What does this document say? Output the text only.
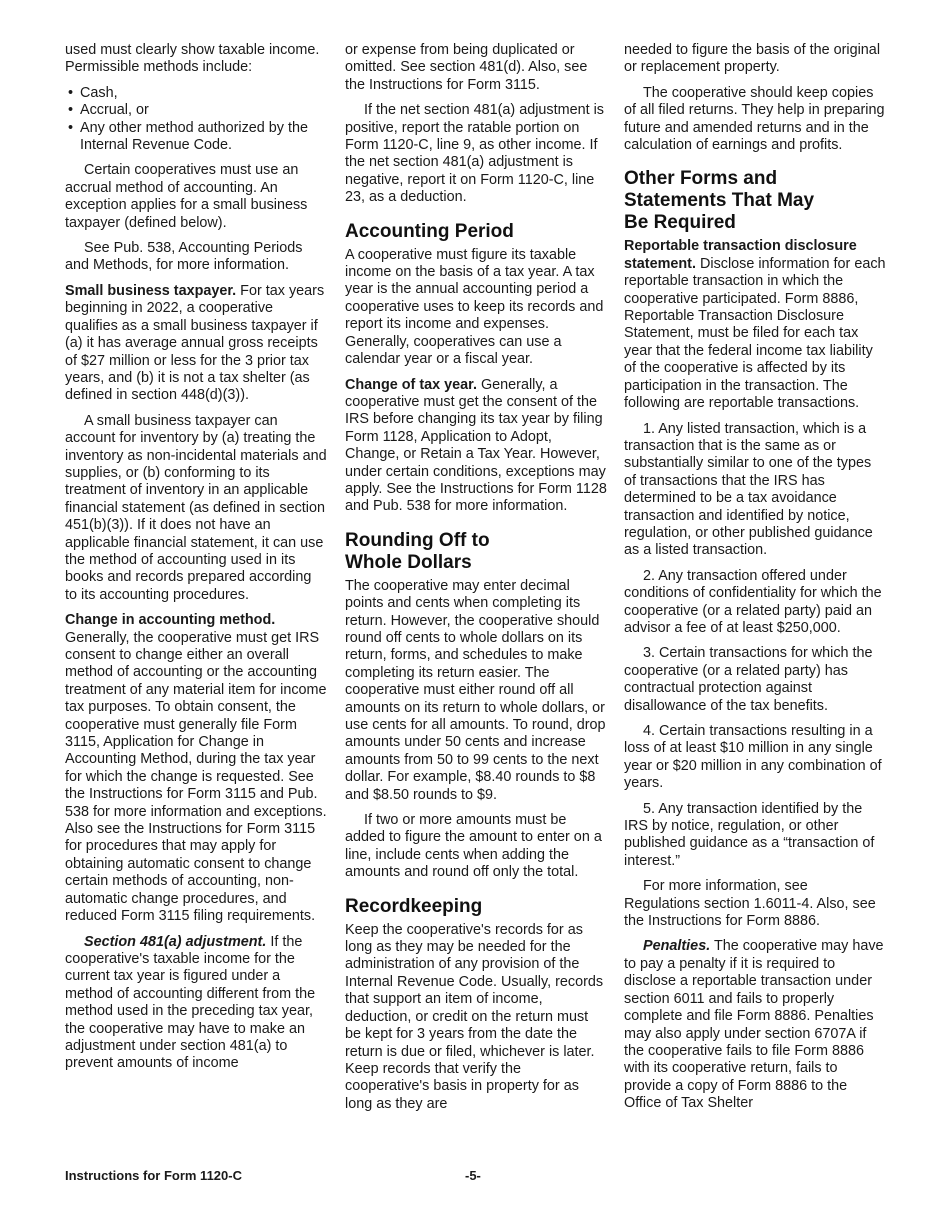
used must clearly show taxable income. Permissible methods include:

• Cash,
• Accrual, or
• Any other method authorized by the Internal Revenue Code.

Certain cooperatives must use an accrual method of accounting. An exception applies for a small business taxpayer (defined below).

See Pub. 538, Accounting Periods and Methods, for more information.

Small business taxpayer. For tax years beginning in 2022, a cooperative qualifies as a small business taxpayer if (a) it has average annual gross receipts of $27 million or less for the 3 prior tax years, and (b) it is not a tax shelter (as defined in section 448(d)(3)).

A small business taxpayer can account for inventory by (a) treating the inventory as non-incidental materials and supplies, or (b) conforming to its treatment of inventory in an applicable financial statement (as defined in section 451(b)(3)). If it does not have an applicable financial statement, it can use the method of accounting used in its books and records prepared according to its accounting procedures.

Change in accounting method. Generally, the cooperative must get IRS consent to change either an overall method of accounting or the accounting treatment of any material item for income tax purposes. To obtain consent, the cooperative must generally file Form 3115, Application for Change in Accounting Method, during the tax year for which the change is requested. See the Instructions for Form 3115 and Pub. 538 for more information and exceptions. Also see the Instructions for Form 3115 for procedures that may apply for obtaining automatic consent to change certain methods of accounting, non-automatic change procedures, and reduced Form 3115 filing requirements.

Section 481(a) adjustment. If the cooperative's taxable income for the current tax year is figured under a method of accounting different from the method used in the preceding tax year, the cooperative may have to make an adjustment under section 481(a) to prevent amounts of income

or expense from being duplicated or omitted. See section 481(d). Also, see the Instructions for Form 3115.

If the net section 481(a) adjustment is positive, report the ratable portion on Form 1120-C, line 9, as other income. If the net section 481(a) adjustment is negative, report it on Form 1120-C, line 23, as a deduction.

Accounting Period

A cooperative must figure its taxable income on the basis of a tax year. A tax year is the annual accounting period a cooperative uses to keep its records and report its income and expenses. Generally, cooperatives can use a calendar year or a fiscal year.

Change of tax year. Generally, a cooperative must get the consent of the IRS before changing its tax year by filing Form 1128, Application to Adopt, Change, or Retain a Tax Year. However, under certain conditions, exceptions may apply. See the Instructions for Form 1128 and Pub. 538 for more information.

Rounding Off to
Whole Dollars

The cooperative may enter decimal points and cents when completing its return. However, the cooperative should round off cents to whole dollars on its return, forms, and schedules to make completing its return easier. The cooperative must either round off all amounts on its return to whole dollars, or use cents for all amounts. To round, drop amounts under 50 cents and increase amounts from 50 to 99 cents to the next dollar. For example, $8.40 rounds to $8 and $8.50 rounds to $9.

If two or more amounts must be added to figure the amount to enter on a line, include cents when adding the amounts and round off only the total.

Recordkeeping

Keep the cooperative's records for as long as they may be needed for the administration of any provision of the Internal Revenue Code. Usually, records that support an item of income, deduction, or credit on the return must be kept for 3 years from the date the return is due or filed, whichever is later. Keep records that verify the cooperative's basis in property for as long as they are

needed to figure the basis of the original or replacement property.

The cooperative should keep copies of all filed returns. They help in preparing future and amended returns and in the calculation of earnings and profits.

Other Forms and
Statements That May
Be Required

Reportable transaction disclosure statement. Disclose information for each reportable transaction in which the cooperative participated. Form 8886, Reportable Transaction Disclosure Statement, must be filed for each tax year that the federal income tax liability of the cooperative is affected by its participation in the transaction. The following are reportable transactions.

1. Any listed transaction, which is a transaction that is the same as or substantially similar to one of the types of transactions that the IRS has determined to be a tax avoidance transaction and identified by notice, regulation, or other published guidance as a listed transaction.

2. Any transaction offered under conditions of confidentiality for which the cooperative (or a related party) paid an advisor a fee of at least $250,000.

3. Certain transactions for which the cooperative (or a related party) has contractual protection against disallowance of the tax benefits.

4. Certain transactions resulting in a loss of at least $10 million in any single year or $20 million in any combination of years.

5. Any transaction identified by the IRS by notice, regulation, or other published guidance as a “transaction of interest.”

For more information, see Regulations section 1.6011-4. Also, see the Instructions for Form 8886.

Penalties. The cooperative may have to pay a penalty if it is required to disclose a reportable transaction under section 6011 and fails to properly complete and file Form 8886. Penalties may also apply under section 6707A if the cooperative fails to file Form 8886 with its cooperative return, fails to provide a copy of Form 8886 to the Office of Tax Shelter

Instructions for Form 1120-C	-5-
